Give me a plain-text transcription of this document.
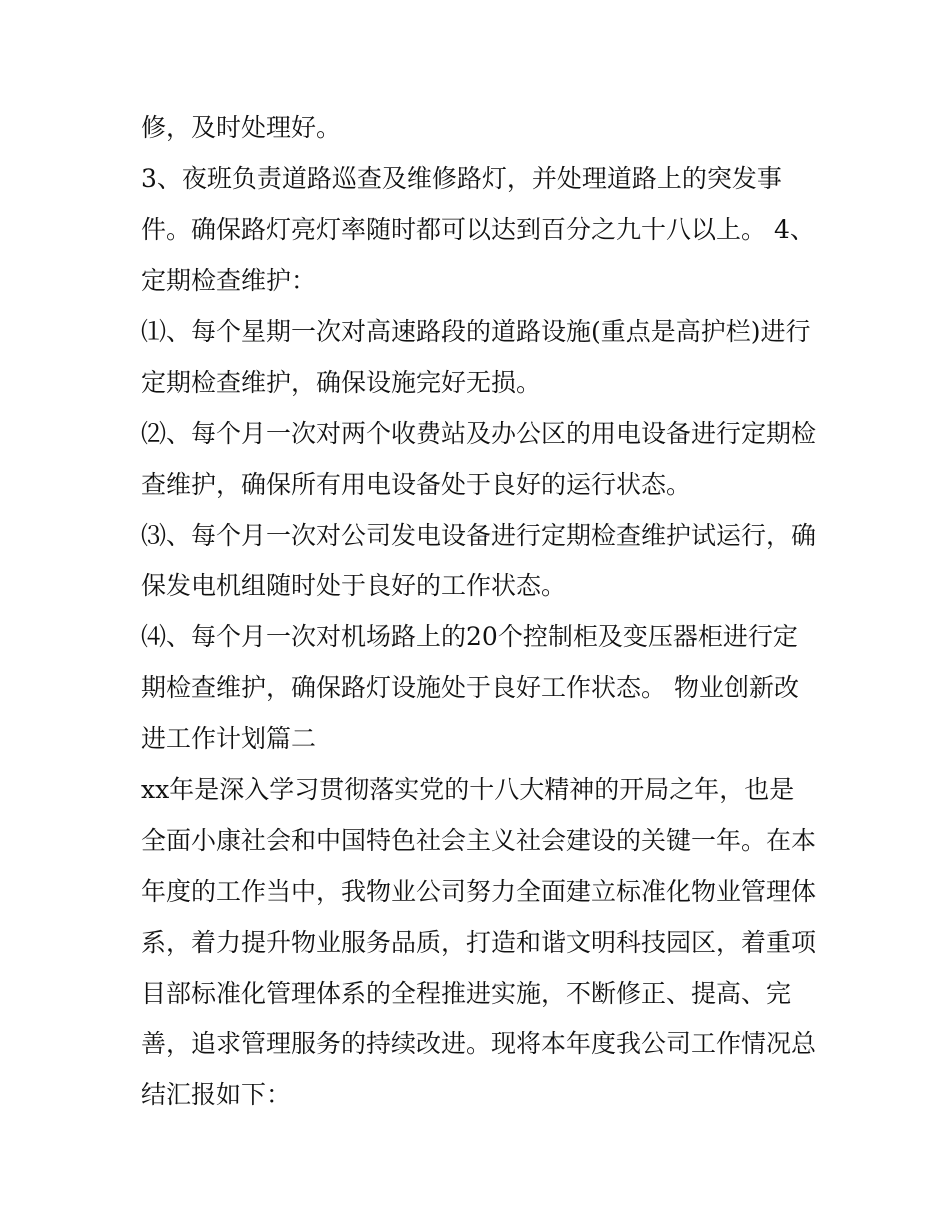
修，及时处理好。
3、夜班负责道路巡查及维修路灯，并处理道路上的突发事
件。确保路灯亮灯率随时都可以达到百分之九十八以上。 4、
定期检查维护：
⑴、每个星期一次对高速路段的道路设施(重点是高护栏)进行
定期检查维护，确保设施完好无损。
⑵、每个月一次对两个收费站及办公区的用电设备进行定期检
查维护，确保所有用电设备处于良好的运行状态。
⑶、每个月一次对公司发电设备进行定期检查维护试运行，确
保发电机组随时处于良好的工作状态。
⑷、每个月一次对机场路上的20个控制柜及变压器柜进行定
期检查维护，确保路灯设施处于良好工作状态。 物业创新改
进工作计划篇二
xx年是深入学习贯彻落实党的十八大精神的开局之年，也是
全面小康社会和中国特色社会主义社会建设的关键一年。在本
年度的工作当中，我物业公司努力全面建立标准化物业管理体
系，着力提升物业服务品质，打造和谐文明科技园区，着重项
目部标准化管理体系的全程推进实施，不断修正、提高、完
善，追求管理服务的持续改进。现将本年度我公司工作情况总
结汇报如下：
